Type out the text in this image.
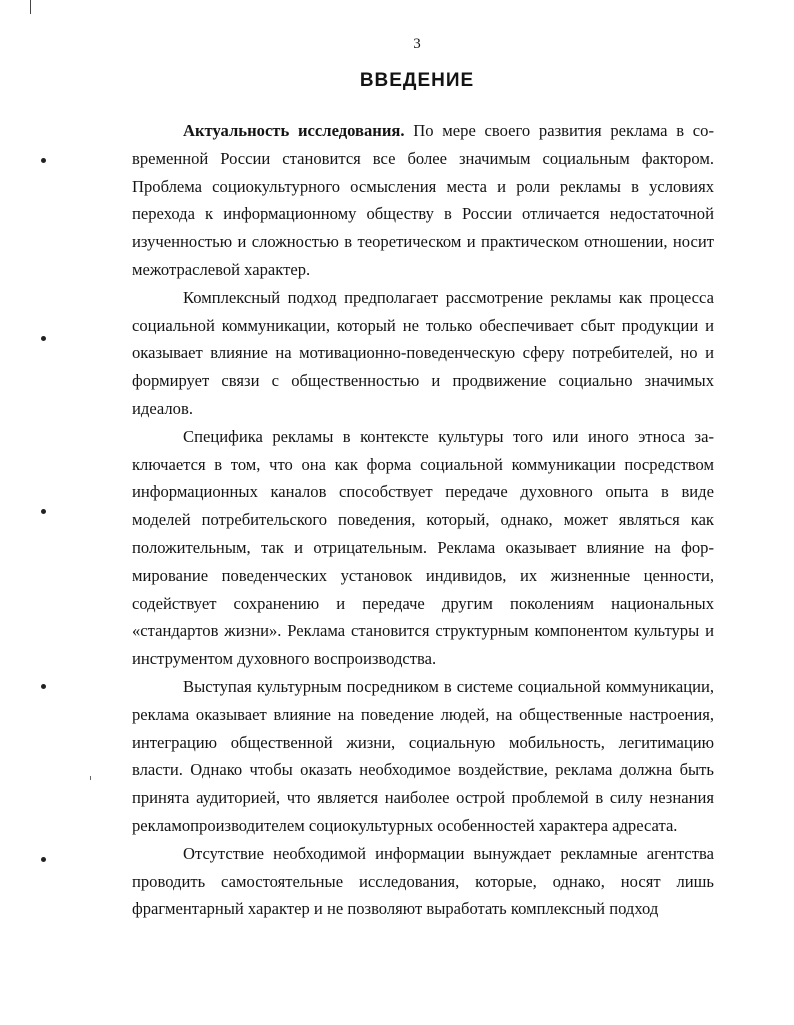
3
ВВЕДЕНИЕ

Актуальность исследования. По мере своего развития реклама в современной России становится все более значимым социальным фактором. Проблема социокультурного осмысления места и роли рекламы в условиях перехода к информационному обществу в России отличается недостаточной изученностью и сложностью в теоретическом и практическом отношении, носит межотраслевой характер.

Комплексный подход предполагает рассмотрение рекламы как процесса социальной коммуникации, который не только обеспечивает сбыт продукции и оказывает влияние на мотивационно-поведенческую сферу потребителей, но и формирует связи с общественностью и продвижение социально значимых идеалов.

Специфика рекламы в контексте культуры того или иного этноса заключается в том, что она как форма социальной коммуникации посредством информационных каналов способствует передаче духовного опыта в виде моделей потребительского поведения, который, однако, может являться как положительным, так и отрицательным. Реклама оказывает влияние на формирование поведенческих установок индивидов, их жизненные ценности, содействует сохранению и передаче другим поколениям национальных «стандартов жизни». Реклама становится структурным компонентом культуры и инструментом духовного воспроизводства.

Выступая культурным посредником в системе социальной коммуникации, реклама оказывает влияние на поведение людей, на общественные настроения, интеграцию общественной жизни, социальную мобильность, легитимацию власти. Однако чтобы оказать необходимое воздействие, реклама должна быть принята аудиторией, что является наиболее острой проблемой в силу незнания рекламопроизводителем социокультурных особенностей характера адресата.

Отсутствие необходимой информации вынуждает рекламные агентства проводить самостоятельные исследования, которые, однако, носят лишь фрагментарный характер и не позволяют выработать комплексный подход
